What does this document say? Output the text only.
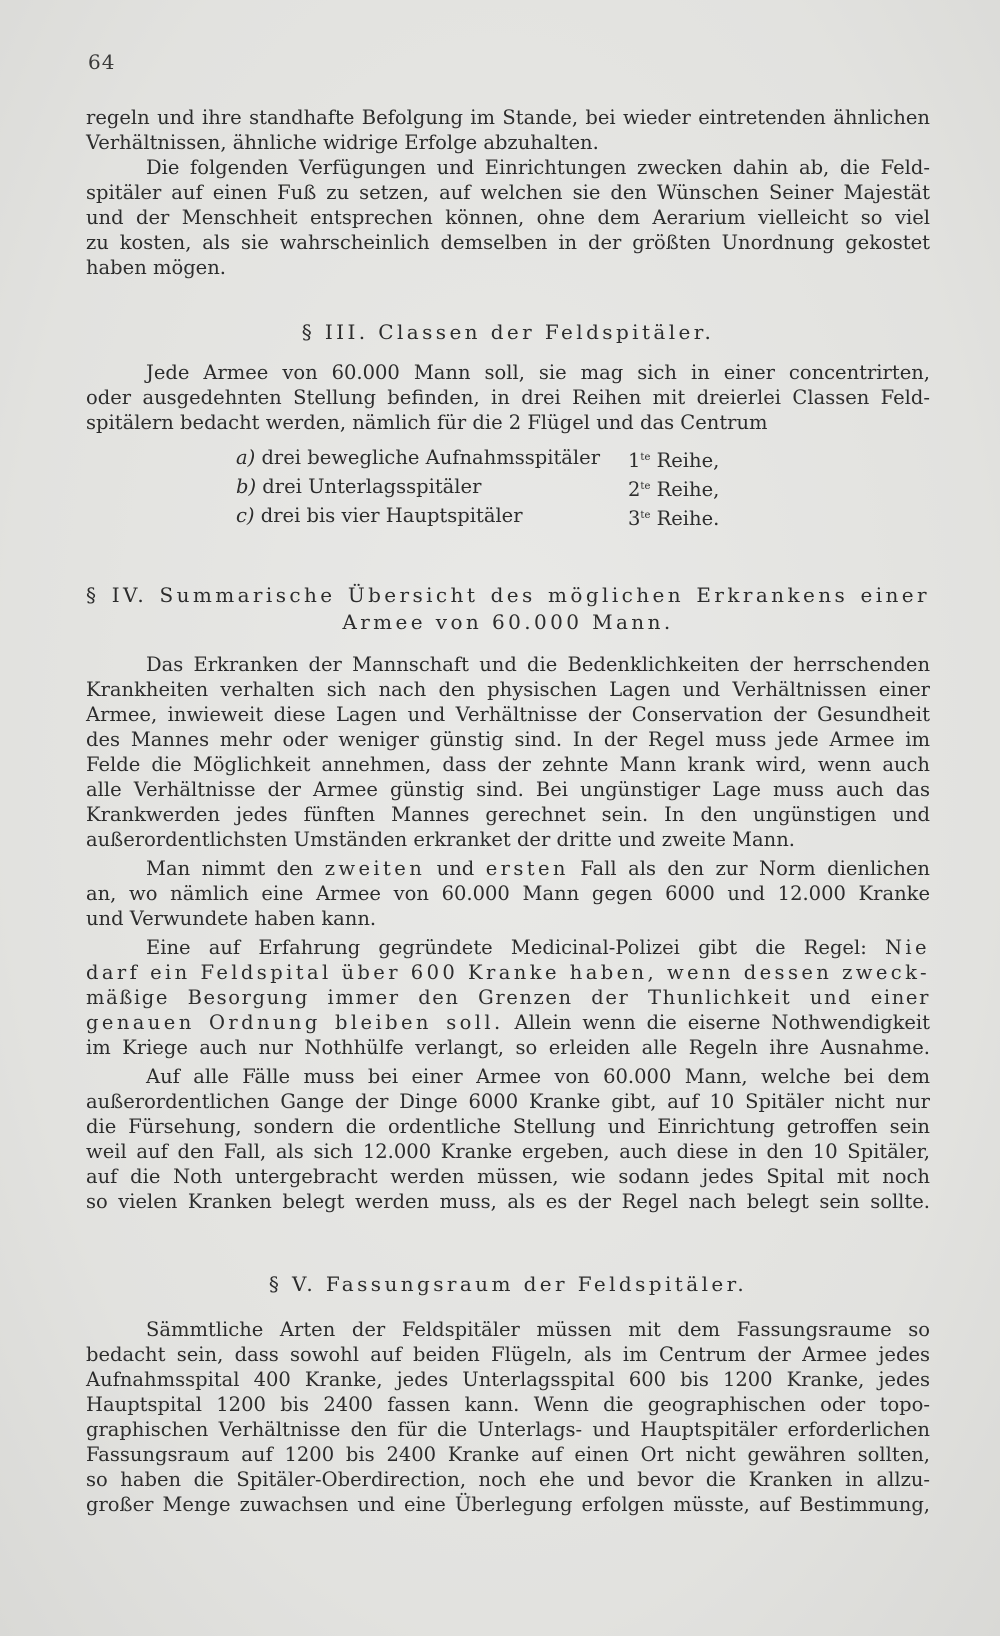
64
regeln und ihre standhafte Befolgung im Stande, bei wieder eintretenden ähnlichen
Verhältnissen, ähnliche widrige Erfolge abzuhalten.
Die folgenden Verfügungen und Einrichtungen zwecken dahin ab, die Feld-
spitäler auf einen Fuß zu setzen, auf welchen sie den Wünschen Seiner Majestät
und der Menschheit entsprechen können, ohne dem Aerarium vielleicht so viel
zu kosten, als sie wahrscheinlich demselben in der größten Unordnung gekostet
haben mögen.
§ III. Classen der Feldspitäler.
Jede Armee von 60.000 Mann soll, sie mag sich in einer concentrirten,
oder ausgedehnten Stellung befinden, in drei Reihen mit dreierlei Classen Feld-
spitälern bedacht werden, nämlich für die 2 Flügel und das Centrum
a) drei bewegliche Aufnahmsspitäler $1^{te}$ Reihe,
b) drei Unterlagsspitäler	$2^{te}$ Reihe,
c) drei bis vier Hauptspitäler	$3^{te}$ Reihe.
§ IV. Summarische Übersicht des möglichen Erkrankens einer
Armee von 60.000 Mann.
Das Erkranken der Mannschaft und die Bedenklichkeiten der herrschenden
Krankheiten verhalten sich nach den physischen Lagen und Verhältnissen einer
Armee, inwieweit diese Lagen und Verhältnisse der Conservation der Gesundheit
des Mannes mehr oder weniger günstig sind. In der Regel muss jede Armee im
Felde die Möglichkeit annehmen, dass der zehnte Mann krank wird, wenn auch
alle Verhältnisse der Armee günstig sind. Bei ungünstiger Lage muss auch das
Krankwerden jedes fünften Mannes gerechnet sein. In den ungünstigen und
außerordentlichsten Umständen erkranket der dritte und zweite Mann.
Man nimmt den zweiten und ersten Fall als den zur Norm dienlichen
an, wo nämlich eine Armee von 60.000 Mann gegen 6000 und 12.000 Kranke
und Verwundete haben kann.
Eine auf Erfahrung gegründete Medicinal-Polizei gibt die Regel: Nie
darf ein Feldspital über 600 Kranke haben, wenn dessen zweck-
mäßige Besorgung immer den Grenzen der Thunlichkeit und einer
genauen Ordnung bleiben soll. Allein wenn die eiserne Nothwendigkeit
im Kriege auch nur Nothhülfe verlangt, so erleiden alle Regeln ihre Ausnahme.
Auf alle Fälle muss bei einer Armee von 60.000 Mann, welche bei dem
außerordentlichen Gange der Dinge 6000 Kranke gibt, auf 10 Spitäler nicht nur
die Fürsehung, sondern die ordentliche Stellung und Einrichtung getroffen sein
weil auf den Fall, als sich 12.000 Kranke ergeben, auch diese in den 10 Spitäler,
auf die Noth untergebracht werden müssen, wie sodann jedes Spital mit noch
so vielen Kranken belegt werden muss, als es der Regel nach belegt sein sollte.
§ V. Fassungsraum der Feldspitäler.
Sämmtliche Arten der Feldspitäler müssen mit dem Fassungsraume so
bedacht sein, dass sowohl auf beiden Flügeln, als im Centrum der Armee jedes
Aufnahmsspital 400 Kranke, jedes Unterlagsspital 600 bis 1200 Kranke, jedes
Hauptspital 1200 bis 2400 fassen kann. Wenn die geographischen oder topo-
graphischen Verhältnisse den für die Unterlags- und Hauptspitäler erforderlichen
Fassungsraum auf 1200 bis 2400 Kranke auf einen Ort nicht gewähren sollten,
so haben die Spitäler-Oberdirection, noch ehe und bevor die Kranken in allzu-
großer Menge zuwachsen und eine Überlegung erfolgen müsste, auf Bestimmung,
